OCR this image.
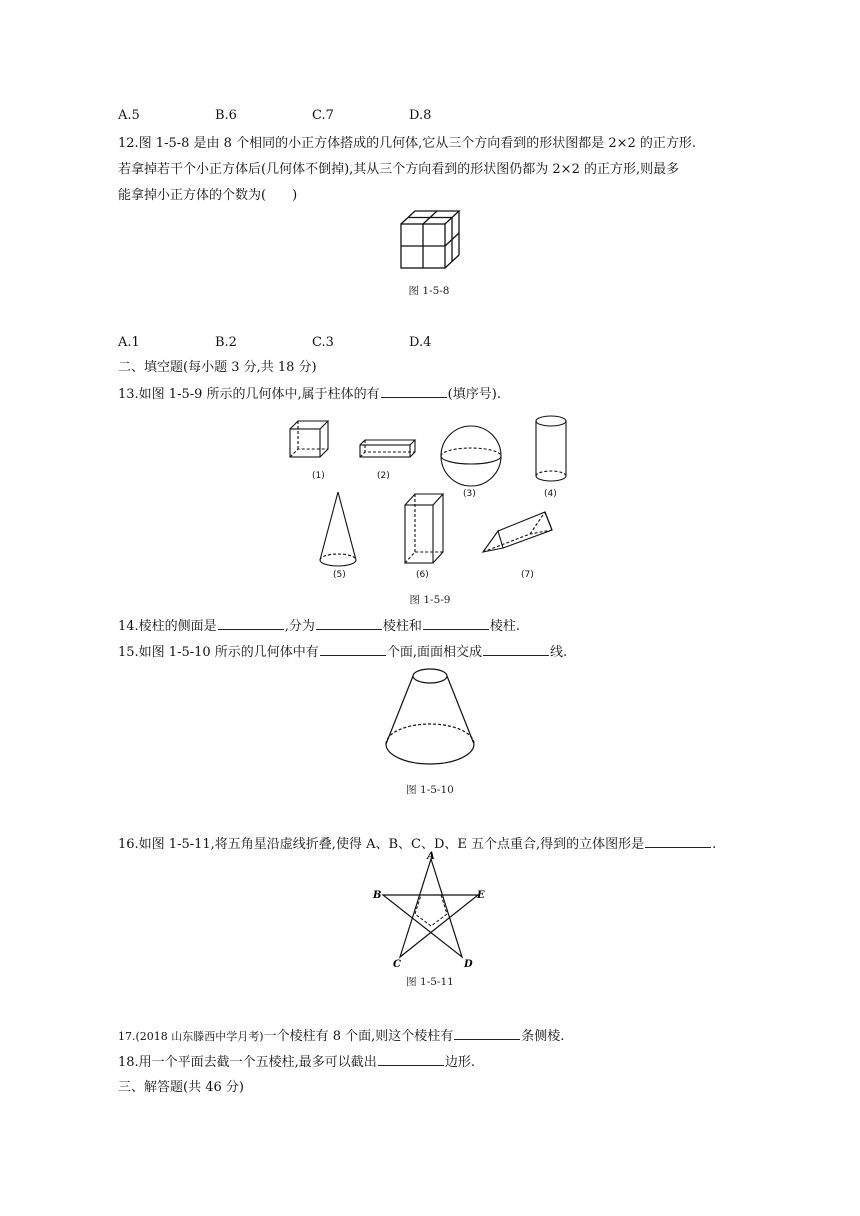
A.5	B.6	C.7	D.8
12.图 1-5-8 是由 8 个相同的小正方体搭成的几何体,它从三个方向看到的形状图都是 2×2 的正方形.
若拿掉若干个小正方体后(几何体不倒掉),其从三个方向看到的形状图仍都为 2×2 的正方形,则最多
能拿掉小正方体的个数为(　　)
图 1-5-8
A.1	B.2	C.3	D.4
二、填空题(每小题 3 分,共 18 分)
13.如图 1-5-9 所示的几何体中,属于柱体的有	(填序号).
(1)	(2)
(3)	(4)
(5)	(6)	(7)
图 1-5-9
14.棱柱的侧面是	,分为	棱柱和	棱柱.
15.如图 1-5-10 所示的几何体中有	个面,面面相交成	线.
图 1-5-10
16.如图 1-5-11,将五角星沿虚线折叠,使得 A、B、C、D、E 五个点重合,得到的立体图形是	.
A
B
C	D
E
图 1-5-11
17.(2018 山东滕西中学月考)一个棱柱有 8 个面,则这个棱柱有	条侧棱.
18.用一个平面去截一个五棱柱,最多可以截出	边形.
三、解答题(共 46 分)
